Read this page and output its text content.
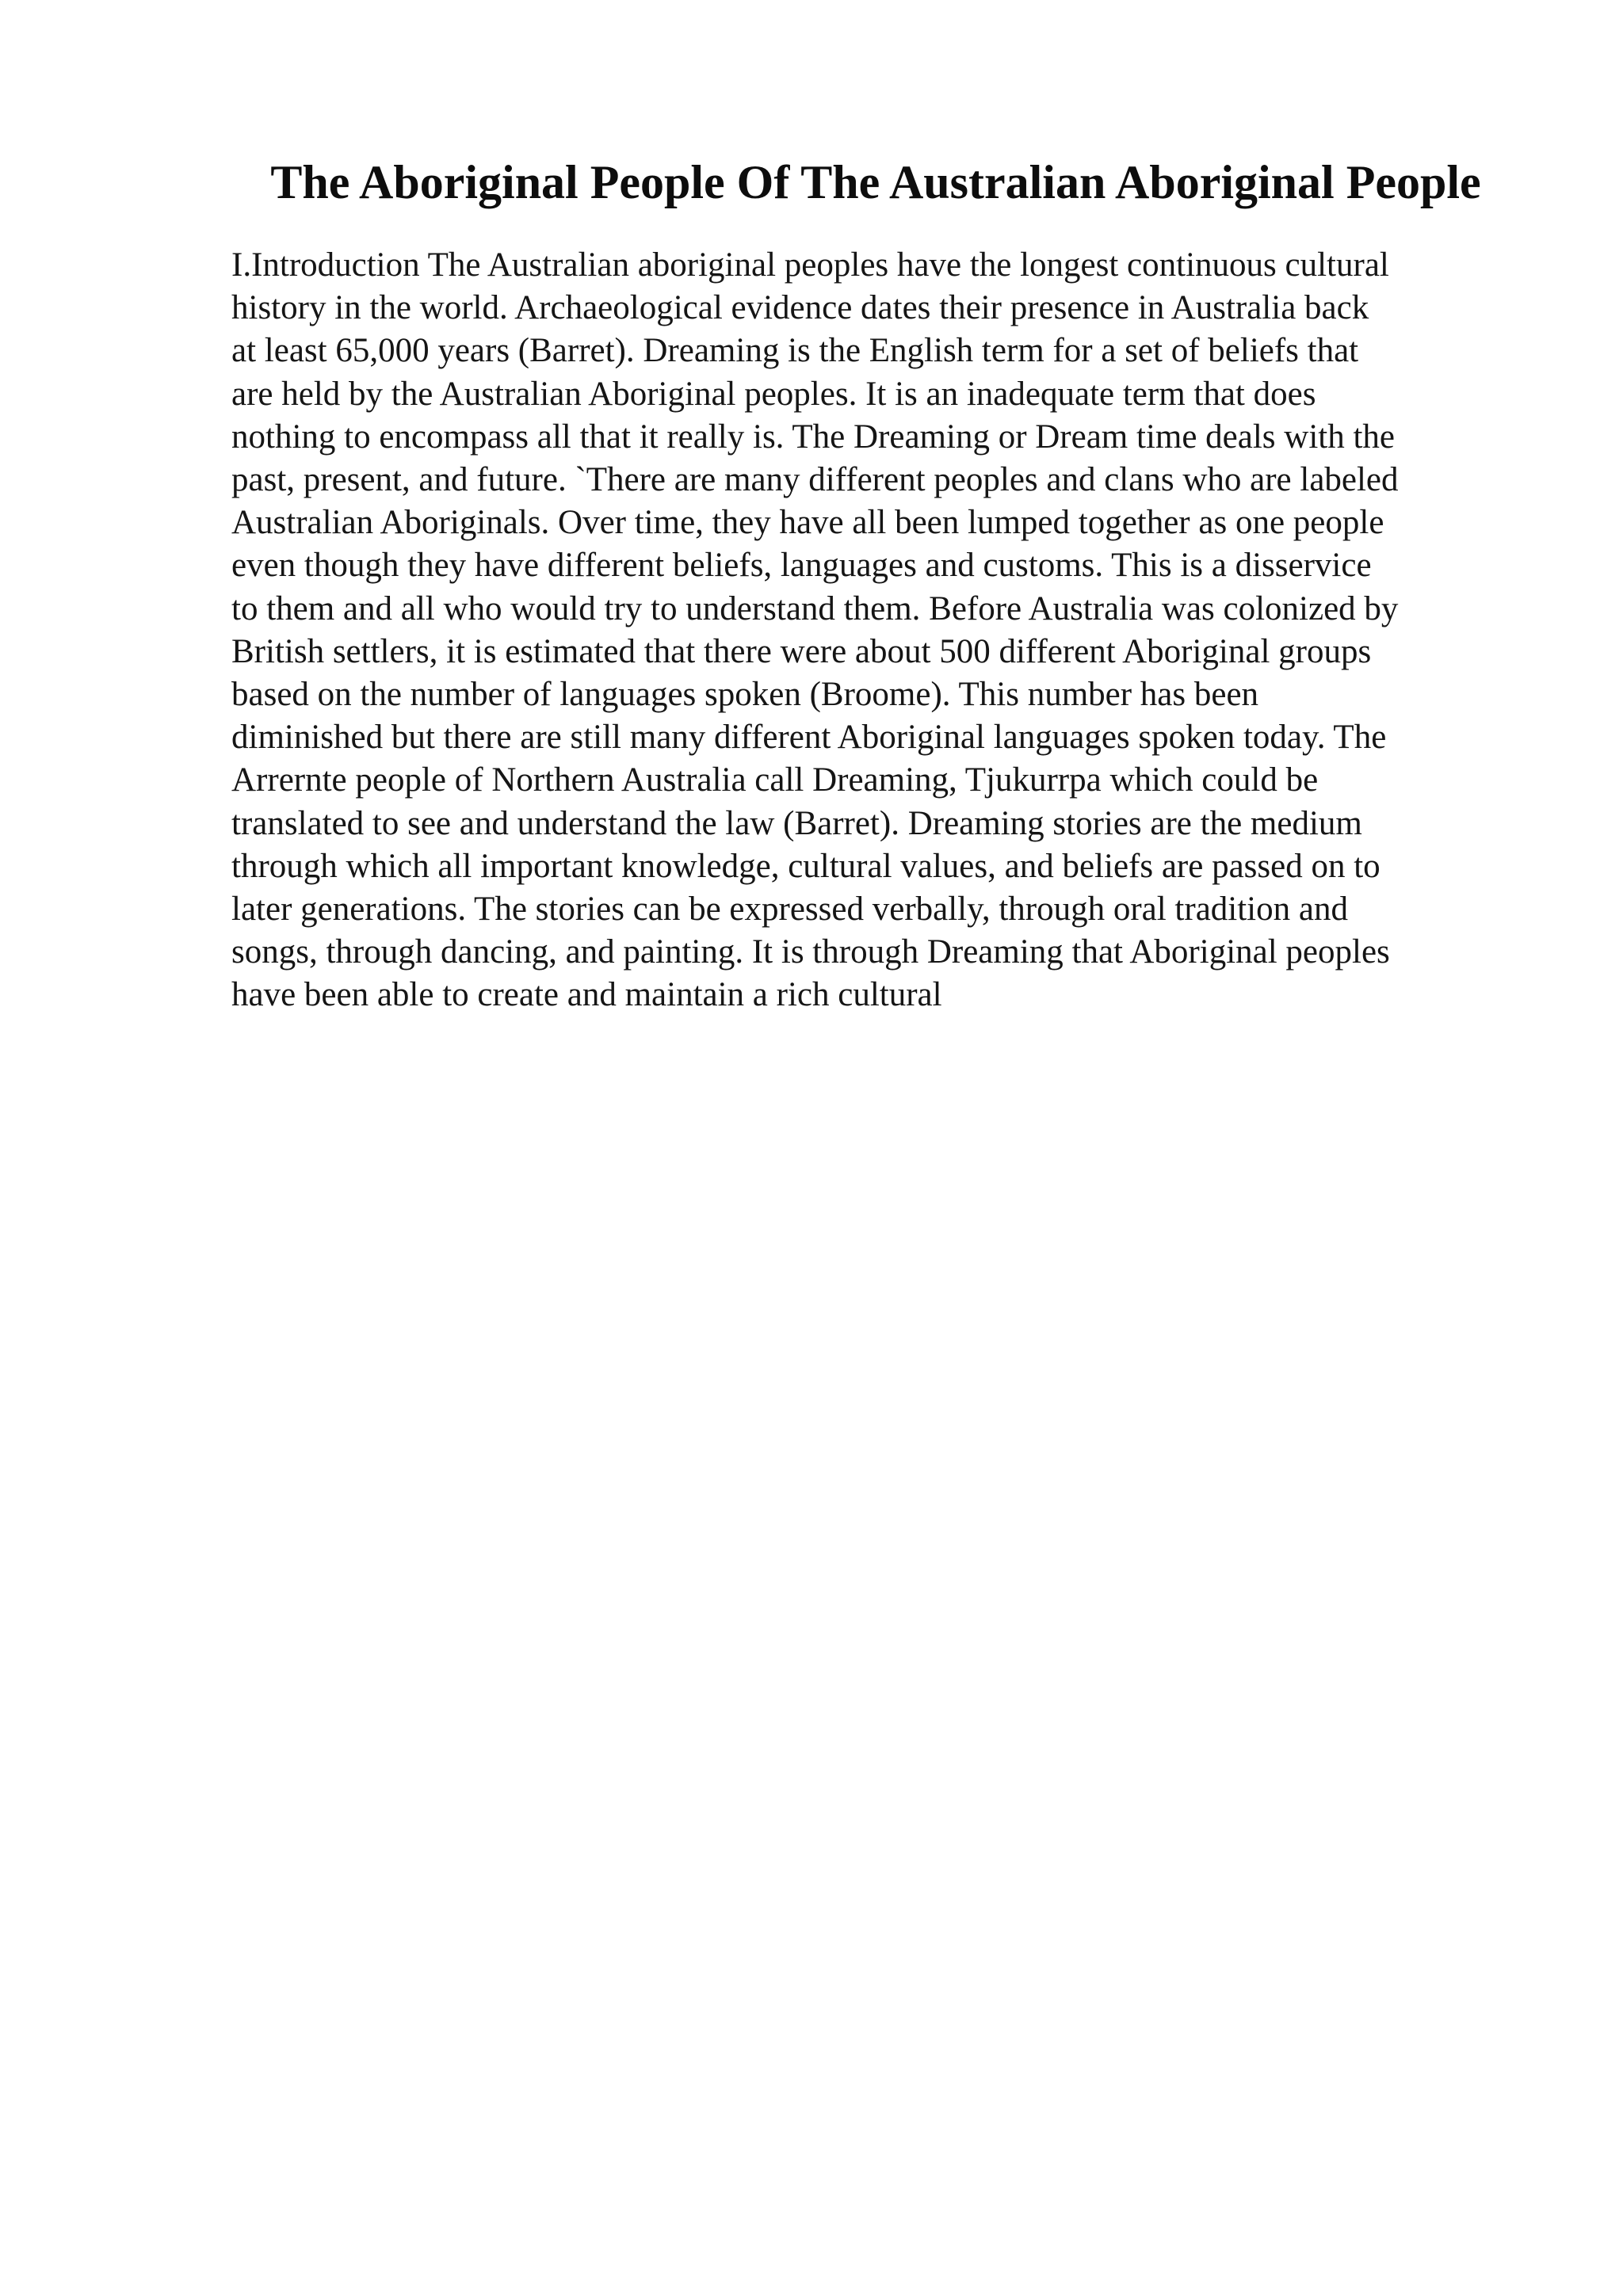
The Aboriginal People Of The Australian Aboriginal People
I.Introduction The Australian aboriginal peoples have the longest continuous cultural
history in the world. Archaeological evidence dates their presence in Australia back
at least 65,000 years (Barret). Dreaming is the English term for a set of beliefs that
are held by the Australian Aboriginal peoples. It is an inadequate term that does
nothing to encompass all that it really is. The Dreaming or Dream time deals with the
past, present, and future. `There are many different peoples and clans who are labeled
Australian Aboriginals. Over time, they have all been lumped together as one people
even though they have different beliefs, languages and customs. This is a disservice
to them and all who would try to understand them. Before Australia was colonized by
British settlers, it is estimated that there were about 500 different Aboriginal groups
based on the number of languages spoken (Broome). This number has been
diminished but there are still many different Aboriginal languages spoken today. The
Arrernte people of Northern Australia call Dreaming, Tjukurrpa which could be
translated to see and understand the law (Barret). Dreaming stories are the medium
through which all important knowledge, cultural values, and beliefs are passed on to
later generations. The stories can be expressed verbally, through oral tradition and
songs, through dancing, and painting. It is through Dreaming that Aboriginal peoples
have been able to create and maintain a rich cultural
